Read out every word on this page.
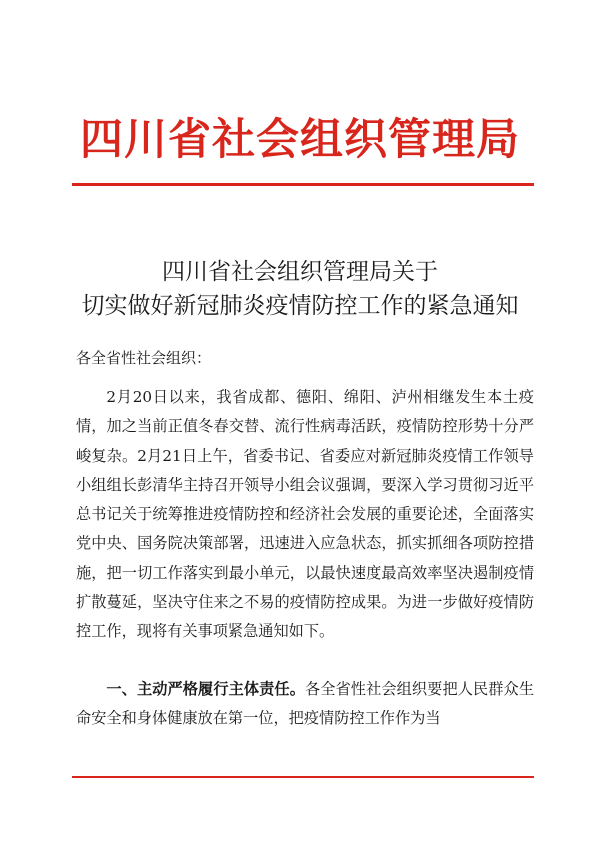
四川省社会组织管理局
四川省社会组织管理局关于
切实做好新冠肺炎疫情防控工作的紧急通知
各全省性社会组织：

2月20日以来，我省成都、德阳、绵阳、泸州相继发生本土疫情，加之当前正值冬春交替、流行性病毒活跃，疫情防控形势十分严峻复杂。2月21日上午，省委书记、省委应对新冠肺炎疫情工作领导小组组长彭清华主持召开领导小组会议强调，要深入学习贯彻习近平总书记关于统筹推进疫情防控和经济社会发展的重要论述，全面落实党中央、国务院决策部署，迅速进入应急状态，抓实抓细各项防控措施，把一切工作落实到最小单元，以最快速度最高效率坚决遏制疫情扩散蔓延，坚决守住来之不易的疫情防控成果。为进一步做好疫情防控工作，现将有关事项紧急通知如下。

一、主动严格履行主体责任。各全省性社会组织要把人民群众生命安全和身体健康放在第一位，把疫情防控工作作为当
